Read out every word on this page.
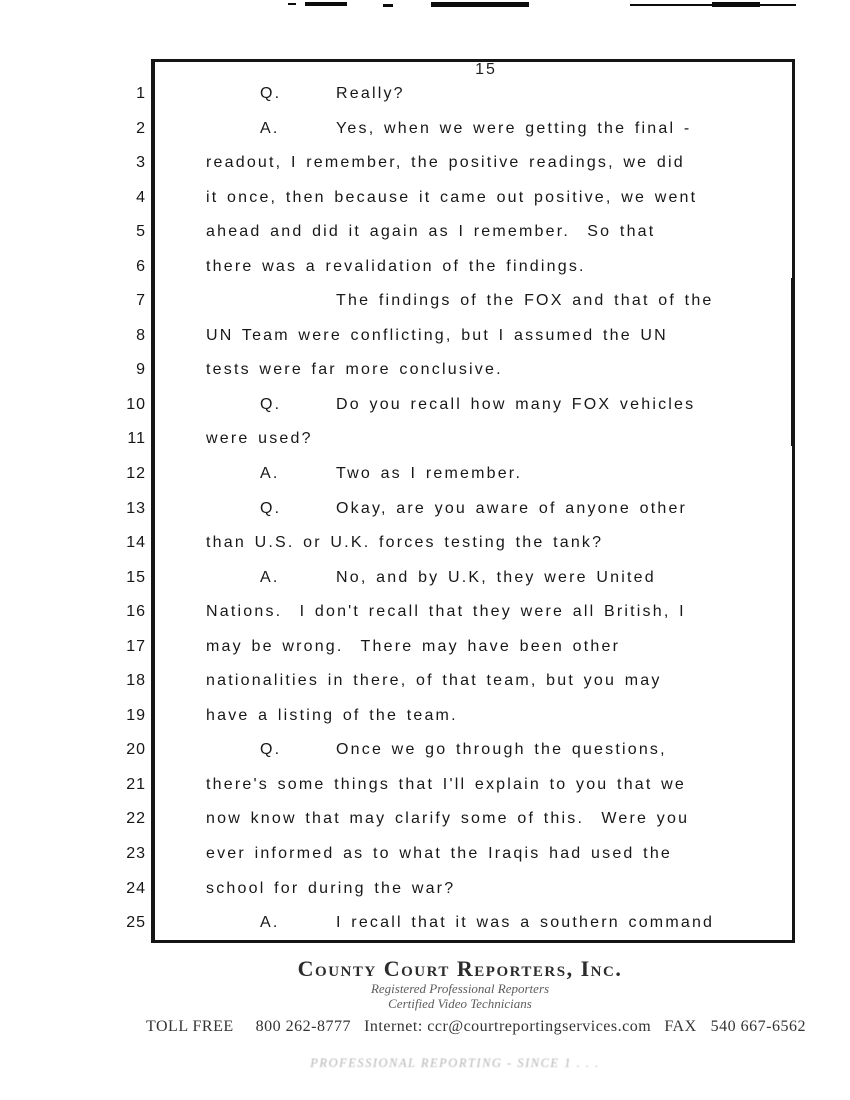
15
1	Q.	Really?
2	A.	Yes, when we were getting the final -
3	readout, I remember, the positive readings, we did
4	it once, then because it came out positive, we went
5	ahead and did it again as I remember.  So that
6	there was a revalidation of the findings.
7	The findings of the FOX and that of the
8	UN Team were conflicting, but I assumed the UN
9	tests were far more conclusive.
10	Q.	Do you recall how many FOX vehicles
11	were used?
12	A.	Two as I remember.
13	Q.	Okay, are you aware of anyone other
14	than U.S. or U.K. forces testing the tank?
15	A.	No, and by U.K, they were United
16	Nations.  I don't recall that they were all British, I
17	may be wrong.  There may have been other
18	nationalities in there, of that team, but you may
19	have a listing of the team.
20	Q.	Once we go through the questions,
21	there's some things that I'll explain to you that we
22	now know that may clarify some of this.  Were you
23	ever informed as to what the Iraqis had used the
24	school for during the war?
25	A.	I recall that it was a southern command
County Court Reporters, Inc.
Registered Professional Reporters
Certified Video Technicians
TOLL FREE 800 262-8777 Internet: ccr@courtreportingservices.com FAX 540 667-6562
PROFESSIONAL REPORTING - SINCE 1 . . .
